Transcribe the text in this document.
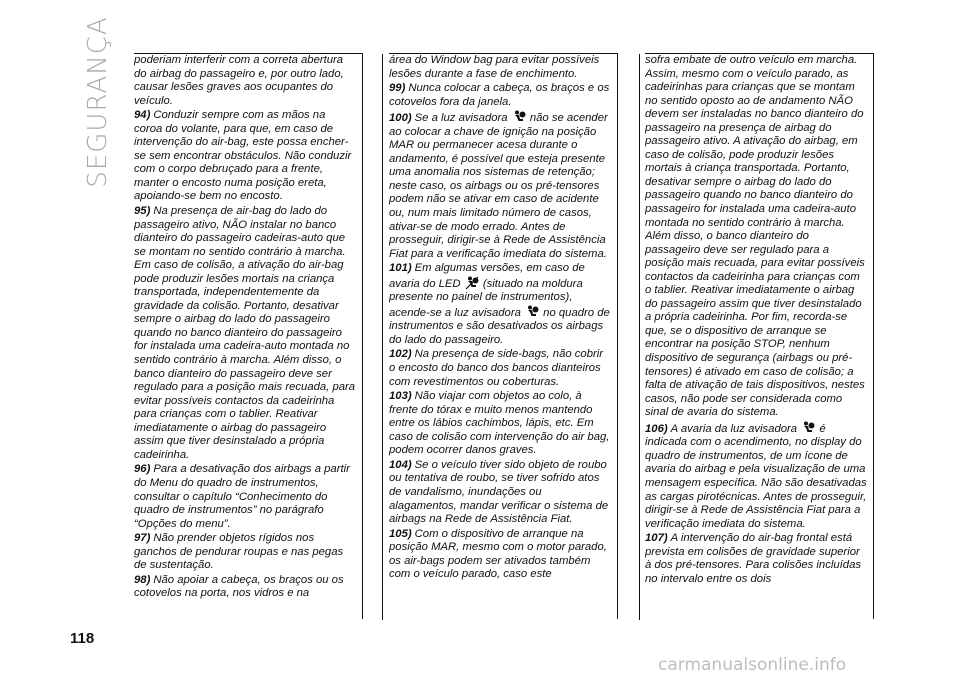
SEGURANÇA
118

poderiam interferir com a correta abertura do airbag do passageiro e, por outro lado, causar lesões graves aos ocupantes do veículo.

94) Conduzir sempre com as mãos na coroa do volante, para que, em caso de intervenção do air-bag, este possa encher-se sem encontrar obstáculos. Não conduzir com o corpo debruçado para a frente, manter o encosto numa posição ereta, apoiando-se bem no encosto.

95) Na presença de air-bag do lado do passageiro ativo, NÃO instalar no banco dianteiro do passageiro cadeiras-auto que se montam no sentido contrário à marcha. Em caso de colisão, a ativação do air-bag pode produzir lesões mortais na criança transportada, independentemente da gravidade da colisão. Portanto, desativar sempre o airbag do lado do passageiro quando no banco dianteiro do passageiro for instalada uma cadeira-auto montada no sentido contrário à marcha. Além disso, o banco dianteiro do passageiro deve ser regulado para a posição mais recuada, para evitar possíveis contactos da cadeirinha para crianças com o tablier. Reativar imediatamente o airbag do passageiro assim que tiver desinstalado a própria cadeirinha.

96) Para a desativação dos airbags a partir do Menu do quadro de instrumentos, consultar o capítulo “Conhecimento do quadro de instrumentos” no parágrafo “Opções do menu”.

97) Não prender objetos rígidos nos ganchos de pendurar roupas e nas pegas de sustentação.

98) Não apoiar a cabeça, os braços ou os cotovelos na porta, nos vidros e na

área do Window bag para evitar possíveis lesões durante a fase de enchimento.

99) Nunca colocar a cabeça, os braços e os cotovelos fora da janela.

100) Se a luz avisadora não se acender ao colocar a chave de ignição na posição MAR ou permanecer acesa durante o andamento, é possível que esteja presente uma anomalia nos sistemas de retenção; neste caso, os airbags ou os pré-tensores podem não se ativar em caso de acidente ou, num mais limitado número de casos, ativar-se de modo errado. Antes de prosseguir, dirigir-se à Rede de Assistência Fiat para a verificação imediata do sistema.

101) Em algumas versões, em caso de avaria do LED (situado na moldura presente no painel de instrumentos), acende-se a luz avisadora no quadro de instrumentos e são desativados os airbags do lado do passageiro.

102) Na presença de side-bags, não cobrir o encosto do banco dos bancos dianteiros com revestimentos ou coberturas.

103) Não viajar com objetos ao colo, à frente do tórax e muito menos mantendo entre os lábios cachimbos, lápis, etc. Em caso de colisão com intervenção do air bag, podem ocorrer danos graves.

104) Se o veículo tiver sido objeto de roubo ou tentativa de roubo, se tiver sofrido atos de vandalismo, inundações ou alagamentos, mandar verificar o sistema de airbags na Rede de Assistência Fiat.

105) Com o dispositivo de arranque na posição MAR, mesmo com o motor parado, os air-bags podem ser ativados também com o veículo parado, caso este

sofra embate de outro veículo em marcha. Assim, mesmo com o veículo parado, as cadeirinhas para crianças que se montam no sentido oposto ao de andamento NÃO devem ser instaladas no banco dianteiro do passageiro na presença de airbag do passageiro ativo. A ativação do airbag, em caso de colisão, pode produzir lesões mortais à criança transportada. Portanto, desativar sempre o airbag do lado do passageiro quando no banco dianteiro do passageiro for instalada uma cadeira-auto montada no sentido contrário à marcha. Além disso, o banco dianteiro do passageiro deve ser regulado para a posição mais recuada, para evitar possíveis contactos da cadeirinha para crianças com o tablier. Reativar imediatamente o airbag do passageiro assim que tiver desinstalado a própria cadeirinha. Por fim, recorda-se que, se o dispositivo de arranque se encontrar na posição STOP, nenhum dispositivo de segurança (airbags ou pré-tensores) é ativado em caso de colisão; a falta de ativação de tais dispositivos, nestes casos, não pode ser considerada como sinal de avaria do sistema.

106) A avaria da luz avisadora é indicada com o acendimento, no display do quadro de instrumentos, de um ícone de avaria do airbag e pela visualização de uma mensagem específica. Não são desativadas as cargas pirotécnicas. Antes de prosseguir, dirigir-se à Rede de Assistência Fiat para a verificação imediata do sistema.

107) A intervenção do air-bag frontal está prevista em colisões de gravidade superior à dos pré-tensores. Para colisões incluídas no intervalo entre os dois

carmanualsonline.info
